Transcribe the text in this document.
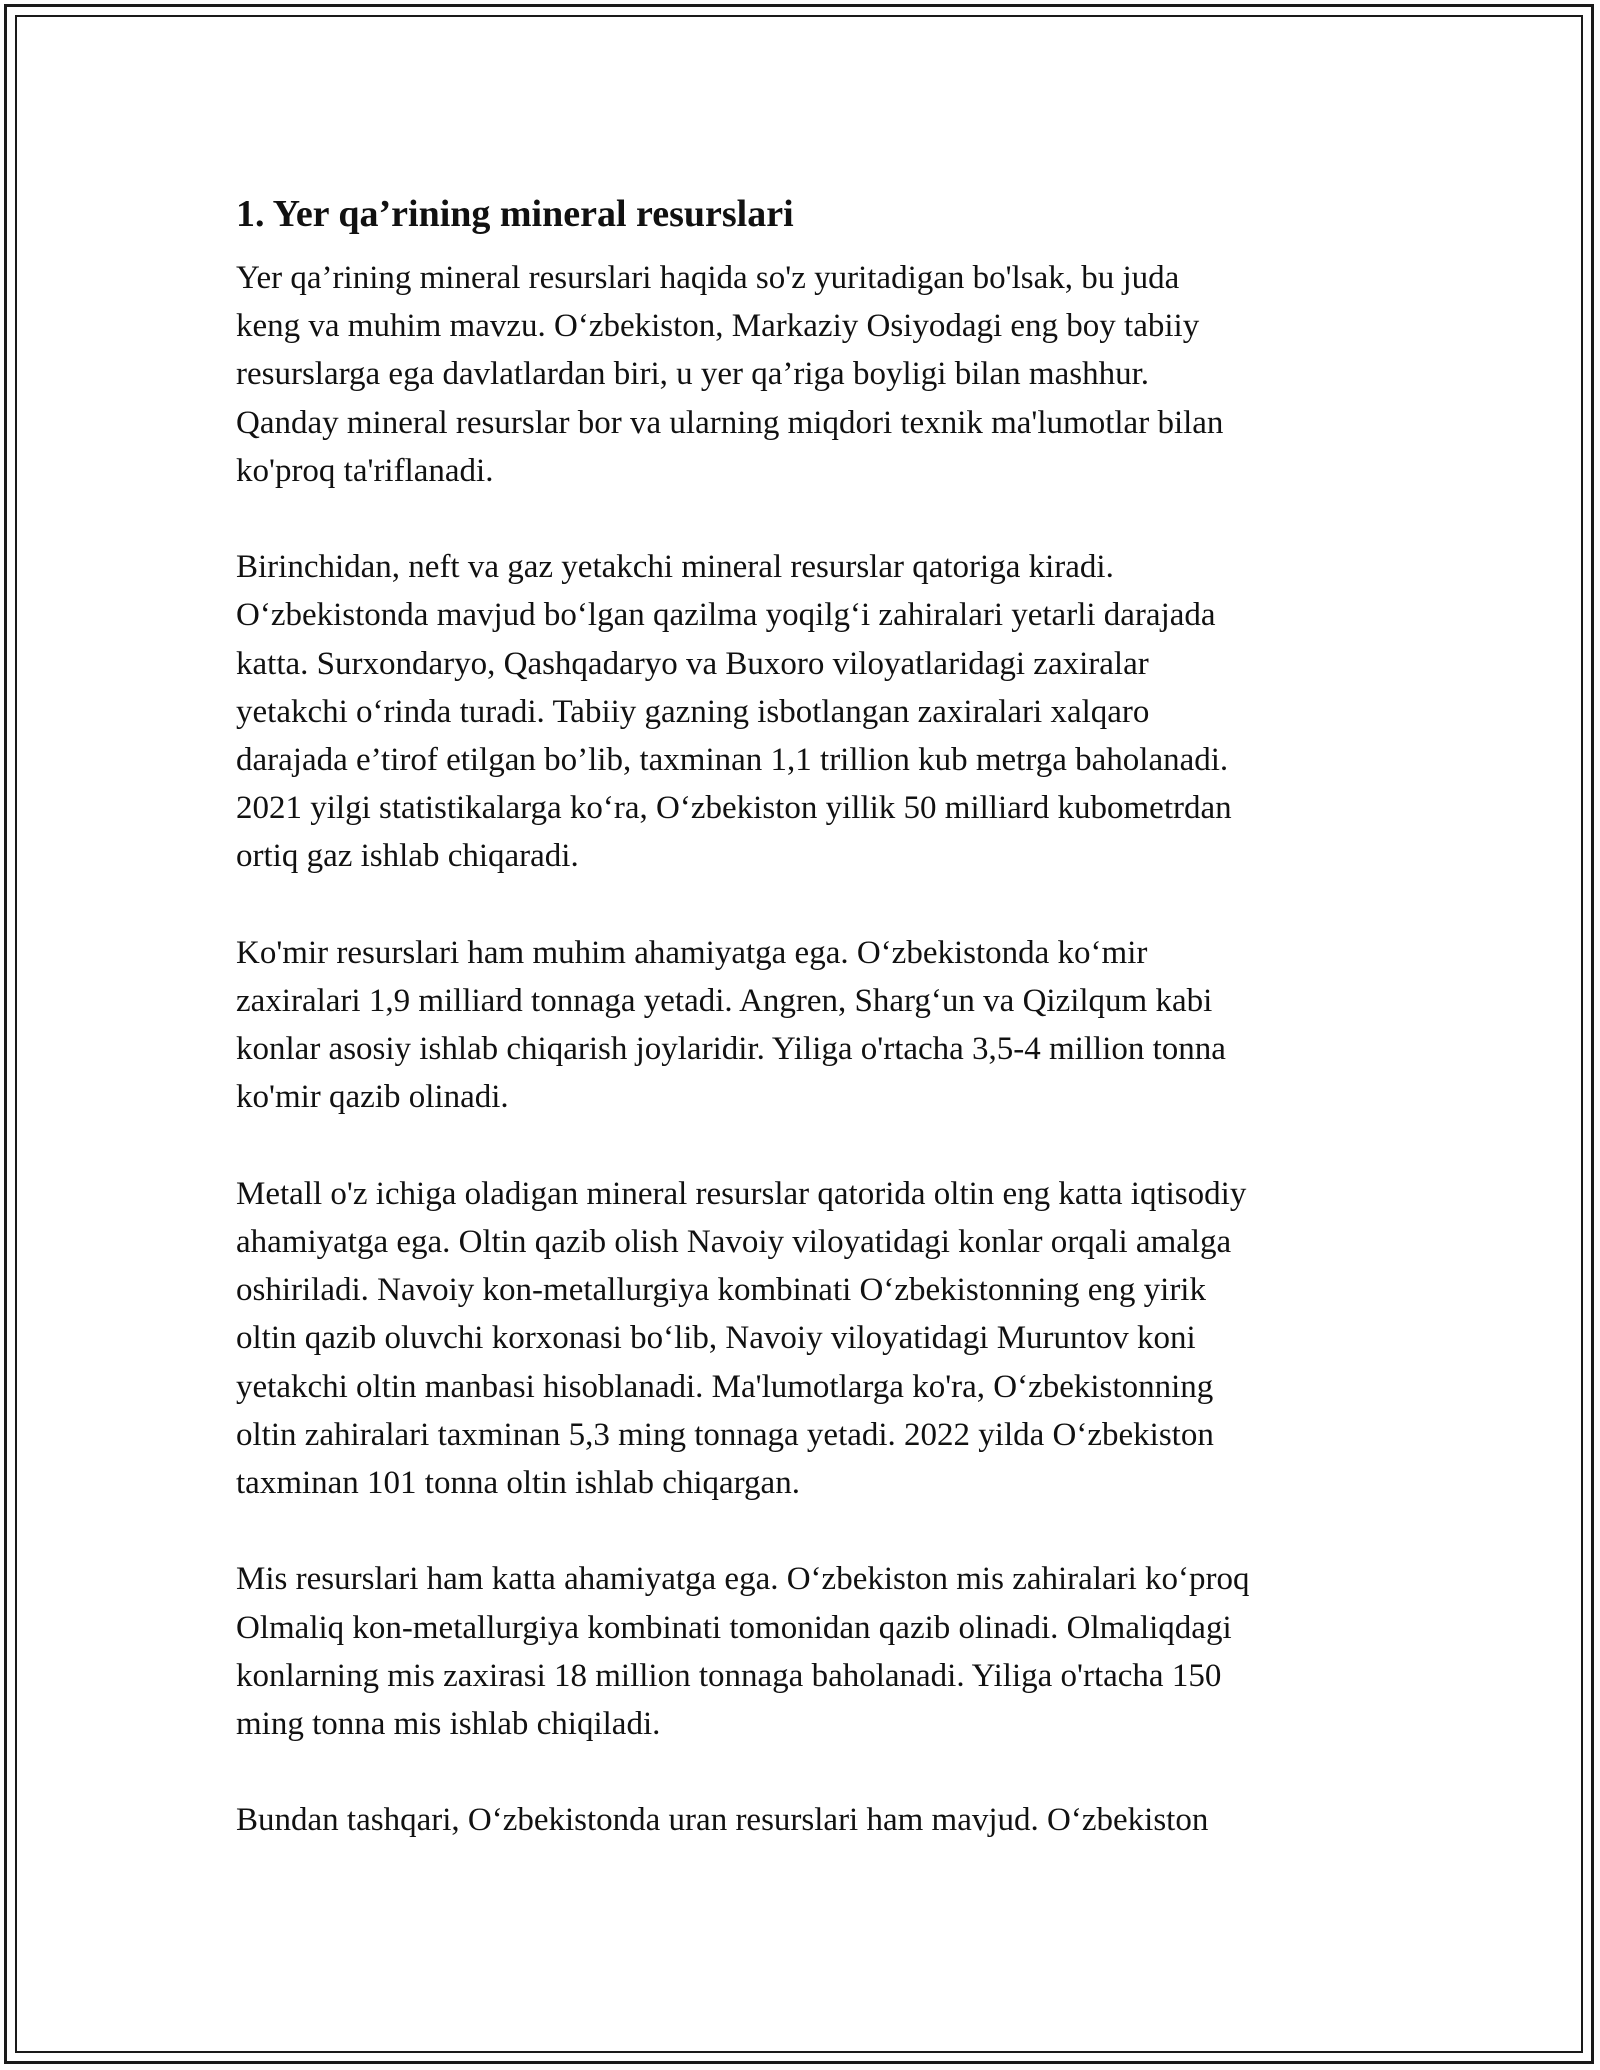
1. Yer qa’rining mineral resurslari

Yer qa’rining mineral resurslari haqida so'z yuritadigan bo'lsak, bu juda
keng va muhim mavzu. O‘zbekiston, Markaziy Osiyodagi eng boy tabiiy
resurslarga ega davlatlardan biri, u yer qa’riga boyligi bilan mashhur.
Qanday mineral resurslar bor va ularning miqdori texnik ma'lumotlar bilan
ko'proq ta'riflanadi.

Birinchidan, neft va gaz yetakchi mineral resurslar qatoriga kiradi.
O‘zbekistonda mavjud bo‘lgan qazilma yoqilg‘i zahiralari yetarli darajada
katta. Surxondaryo, Qashqadaryo va Buxoro viloyatlaridagi zaxiralar
yetakchi o‘rinda turadi. Tabiiy gazning isbotlangan zaxiralari xalqaro
darajada e’tirof etilgan bo’lib, taxminan 1,1 trillion kub metrga baholanadi.
2021 yilgi statistikalarga ko‘ra, O‘zbekiston yillik 50 milliard kubometrdan
ortiq gaz ishlab chiqaradi.

Ko'mir resurslari ham muhim ahamiyatga ega. O‘zbekistonda ko‘mir
zaxiralari 1,9 milliard tonnaga yetadi. Angren, Sharg‘un va Qizilqum kabi
konlar asosiy ishlab chiqarish joylaridir. Yiliga o'rtacha 3,5-4 million tonna
ko'mir qazib olinadi.

Metall o'z ichiga oladigan mineral resurslar qatorida oltin eng katta iqtisodiy
ahamiyatga ega. Oltin qazib olish Navoiy viloyatidagi konlar orqali amalga
oshiriladi. Navoiy kon-metallurgiya kombinati O‘zbekistonning eng yirik
oltin qazib oluvchi korxonasi bo‘lib, Navoiy viloyatidagi Muruntov koni
yetakchi oltin manbasi hisoblanadi. Ma'lumotlarga ko'ra, O‘zbekistonning
oltin zahiralari taxminan 5,3 ming tonnaga yetadi. 2022 yilda O‘zbekiston
taxminan 101 tonna oltin ishlab chiqargan.

Mis resurslari ham katta ahamiyatga ega. O‘zbekiston mis zahiralari ko‘proq
Olmaliq kon-metallurgiya kombinati tomonidan qazib olinadi. Olmaliqdagi
konlarning mis zaxirasi 18 million tonnaga baholanadi. Yiliga o'rtacha 150
ming tonna mis ishlab chiqiladi.

Bundan tashqari, O‘zbekistonda uran resurslari ham mavjud. O‘zbekiston
